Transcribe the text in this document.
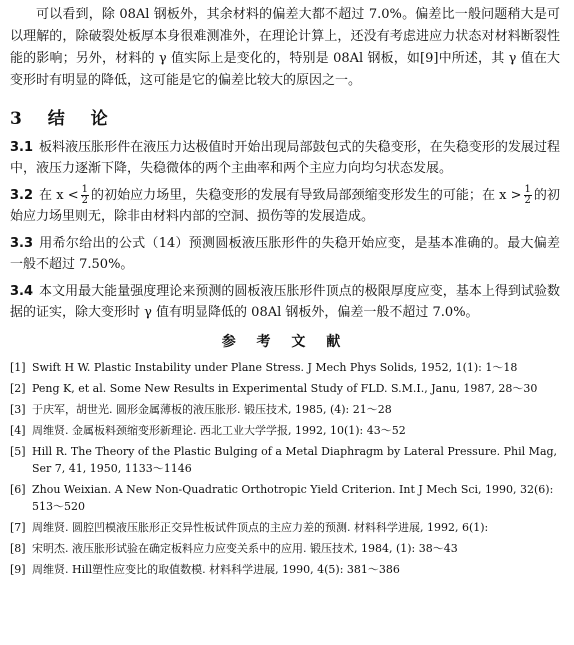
可以看到，除 08Al 钢板外，其余材料的偏差大都不超过 7.0%。偏差比一般问题稍大是可以理解的，除破裂处板厚本身很难测准外，在理论计算上，还没有考虑进应力状态对材料断裂性能的影响；另外，材料的 γ 值实际上是变化的，特别是 08Al 钢板，如[9]中所述，其 γ 值在大变形时有明显的降低，这可能是它的偏差比较大的原因之一。

3 结 论

3.1 板料液压胀形件在液压力达极值时开始出现局部鼓包式的失稳变形，在失稳变形的发展过程中，液压力逐渐下降，失稳微体的两个主曲率和两个主应力向均匀状态发展。

3.2 在 $x < \frac{1}{2}$ 的初始应力场里，失稳变形的发展有导致局部颈缩变形发生的可能；在 $x > \frac{1}{2}$ 的初始应力场里则无，除非由材料内部的空洞、损伤等的发展造成。

3.3 用希尔给出的公式（14）预测圆板液压胀形件的失稳开始应变，是基本准确的。最大偏差一般不超过 7.50%。

3.4 本文用最大能量强度理论来预测的圆板液压胀形件顶点的极限厚度应变，基本上得到试验数据的证实，除大变形时 γ 值有明显降低的 08Al 钢板外，偏差一般不超过 7.0%。

参 考 文 献
[1] Swift H W. Plastic Instability under Plane Stress. J Mech Phys Solids, 1952, 1(1): 1～18
[2] Peng K, et al. Some New Results in Experimental Study of FLD. S.M.I., Janu, 1987, 28～30
[3] 于庆军，胡世光. 圆形金属薄板的液压胀形. 锻压技术, 1985, (4): 21～28
[4] 周维贤. 金属板料颈缩变形新理论. 西北工业大学学报, 1992, 10(1): 43～52
[5] Hill R. The Theory of the Plastic Bulging of a Metal Diaphragm by Lateral Pressure. Phil Mag, Ser 7, 41, 1950, 1133～1146
[6] Zhou Weixian. A New Non-Quadratic Orthotropic Yield Criterion. Int J Mech Sci, 1990, 32(6): 513～520
[7] 周维贤. 圆腔凹模液压胀形正交异性板试件顶点的主应力差的预测. 材料科学进展, 1992, 6(1):
[8] 宋明杰. 液压胀形试验在确定板料应力应变关系中的应用. 锻压技术, 1984, (1): 38～43
[9] 周维贤. Hill塑性应变比的取值数模. 材料科学进展, 1990, 4(5): 381～386
